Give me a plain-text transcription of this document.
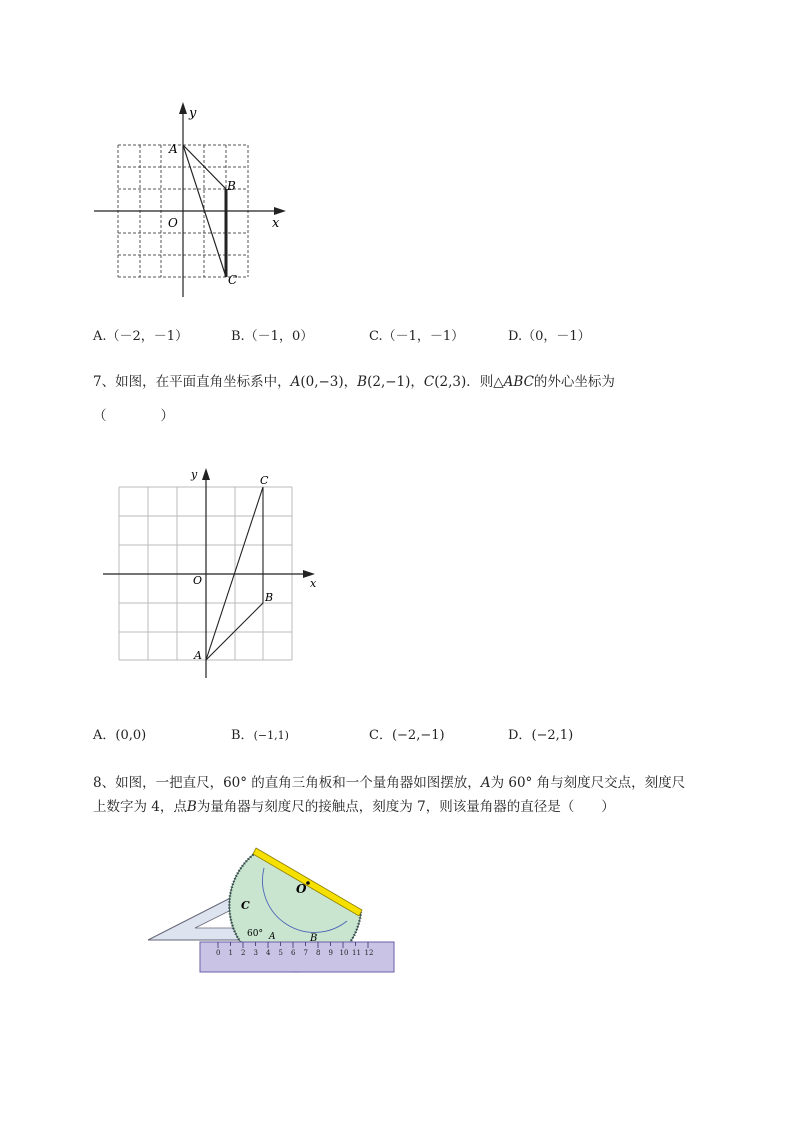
y
x
O
A
B
C
A.（－2，－1）	B.（－1，0）	C.（－1，－1）	D.（0，－1）
7、如图，在平面直角坐标系中，A(0,−3)，B(2,−1)，C(2,3)．则△ABC的外心坐标为
（　　　　）
y
x
O
C
B
A
A．(0,0)	B．(−1,1)	C．(−2,−1)	D．(−2,1)
8、如图，一把直尺，60° 的直角三角板和一个量角器如图摆放，A为 60° 角与刻度尺交点，刻度尺
上数字为 4，点B为量角器与刻度尺的接触点，刻度为 7，则该量角器的直径是（　　）
0 1 2 3 4 5 6 7 8 9 10 11 12
O
C
60° A	B
